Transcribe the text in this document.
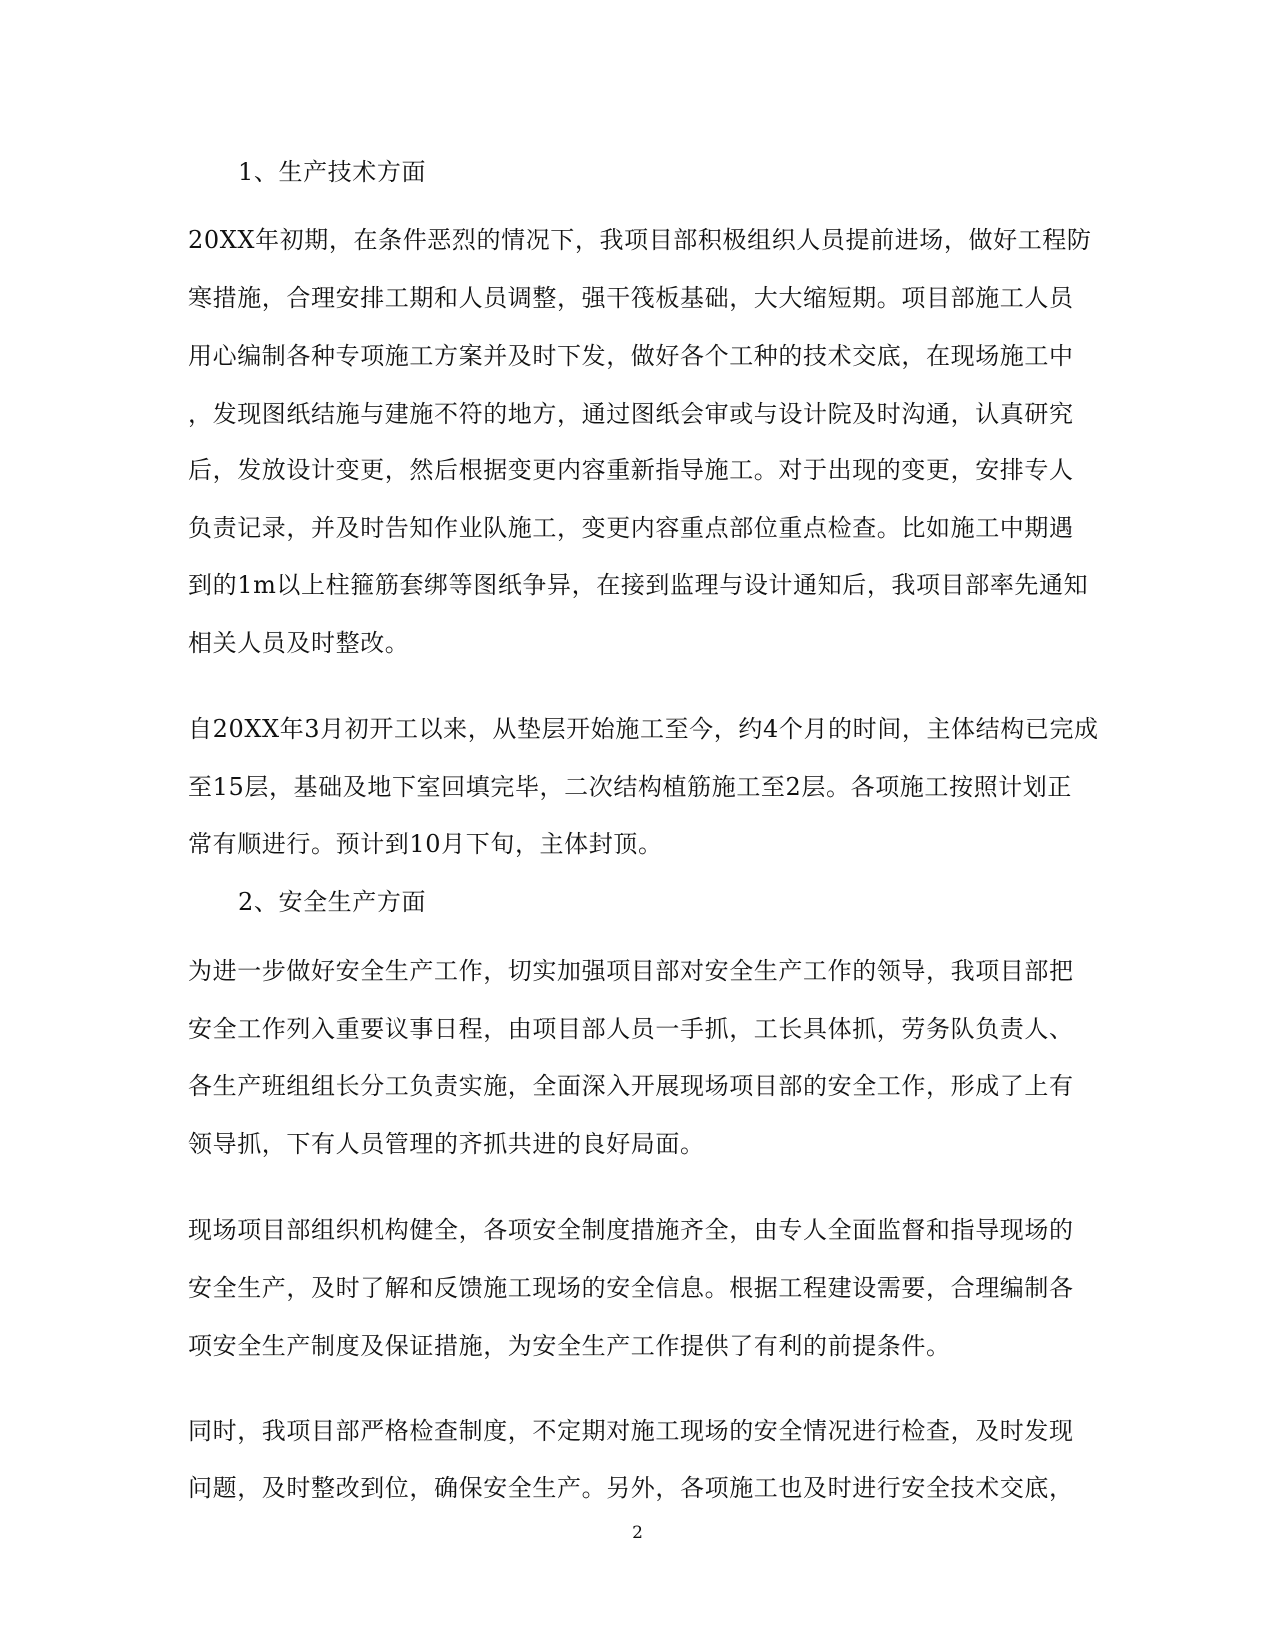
1、生产技术方面
20XX年初期，在条件恶烈的情况下，我项目部积极组织人员提前进场，做好工程防
寒措施，合理安排工期和人员调整，强干筏板基础，大大缩短期。项目部施工人员
用心编制各种专项施工方案并及时下发，做好各个工种的技术交底，在现场施工中
，发现图纸结施与建施不符的地方，通过图纸会审或与设计院及时沟通，认真研究
后，发放设计变更，然后根据变更内容重新指导施工。对于出现的变更，安排专人
负责记录，并及时告知作业队施工，变更内容重点部位重点检查。比如施工中期遇
到的1m以上柱箍筋套绑等图纸争异，在接到监理与设计通知后，我项目部率先通知
相关人员及时整改。
自20XX年3月初开工以来，从垫层开始施工至今，约4个月的时间，主体结构已完成
至15层，基础及地下室回填完毕，二次结构植筋施工至2层。各项施工按照计划正
常有顺进行。预计到10月下旬，主体封顶。
2、安全生产方面
为进一步做好安全生产工作，切实加强项目部对安全生产工作的领导，我项目部把
安全工作列入重要议事日程，由项目部人员一手抓，工长具体抓，劳务队负责人、
各生产班组组长分工负责实施，全面深入开展现场项目部的安全工作，形成了上有
领导抓，下有人员管理的齐抓共进的良好局面。
现场项目部组织机构健全，各项安全制度措施齐全，由专人全面监督和指导现场的
安全生产，及时了解和反馈施工现场的安全信息。根据工程建设需要，合理编制各
项安全生产制度及保证措施，为安全生产工作提供了有利的前提条件。
同时，我项目部严格检查制度，不定期对施工现场的安全情况进行检查，及时发现
问题，及时整改到位，确保安全生产。另外，各项施工也及时进行安全技术交底，
2
